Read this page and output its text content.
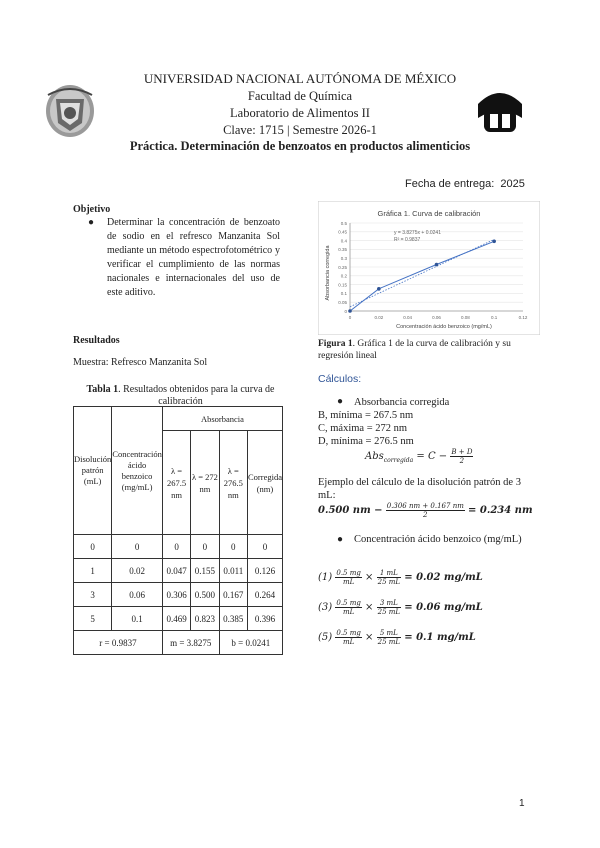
UNIVERSIDAD NACIONAL AUTÓNOMA DE MÉXICO
Facultad de Química
Laboratorio de Alimentos II
Clave: 1715 | Semestre 2026-1
Práctica. Determinación de benzoatos en productos alimenticios
Fecha de entrega: 2025
Objetivo
● Determinar la concentración de benzoato de sodio en el refresco Manzanita Sol mediante un método espectrofotométrico y verificar el cumplimiento de las normas nacionales e internacionales del uso de este aditivo.
Resultados
Muestra: Refresco Manzanita Sol
Tabla 1. Resultados obtenidos para la curva de calibración
Disolución patrón (mL)	Concentración ácido benzoico (mg/mL)	Absorbancia			
		λ = 267.5 nm	λ = 272 nm	λ = 276.5 nm	Corregida (nm)
0	0	0	0	0	0
1	0.02	0.047	0.155	0.011	0.126
3	0.06	0.306	0.500	0.167	0.264
5	0.1	0.469	0.823	0.385	0.396
r = 0.9837		m = 3.8275		b = 0.0241	
Gráfica 1. Curva de calibración
0	0.02	0.04	0.06	0.08	0.1	0.12
0
0.05
0.1
0.15
0.2
0.25
0.3
0.35
0.4
0.45
0.5
y = 3.8275x + 0.0241
R² = 0.9837
Concentración ácido benzoico (mg/mL)
Absorbancia corregida
Figura 1. Gráfica 1 de la curva de calibración y su regresión lineal
Cálculos:
● Absorbancia corregida
B, mínima = 267.5 nm
C, máxima = 272 nm
D, mínima = 276.5 nm
$Abs_{corregida} = C - \frac{B + D}{2}$
Ejemplo del cálculo de la disolución patrón de 3 mL:
0.500 nm − $\frac{0.306 nm + 0.167 nm}{2} = 0.234$ nm
● Concentración ácido benzoico (mg/mL)
$(1) \frac{0.5 mg}{mL} \times \frac{1 mL}{25 mL} = 0.02$ mg/mL
$(3) \frac{0.5 mg}{mL} \times \frac{3 mL}{25 mL} = 0.06$ mg/mL
$(5) \frac{0.5 mg}{mL} \times \frac{5 mL}{25 mL} = 0.1$ mg/mL
1
